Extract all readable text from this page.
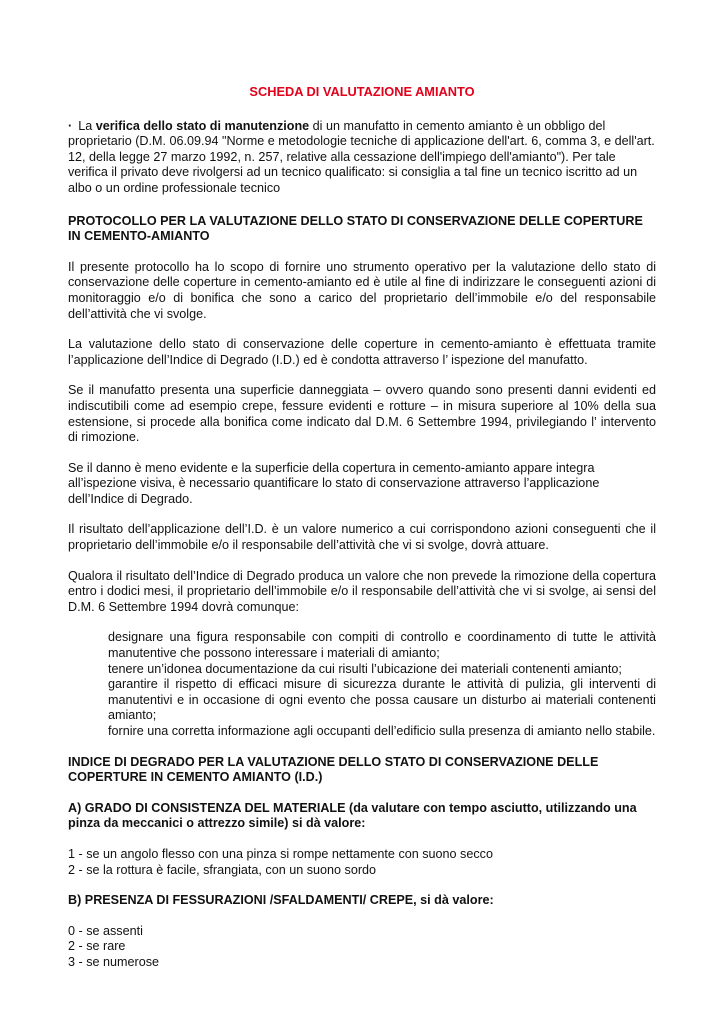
SCHEDA DI VALUTAZIONE AMIANTO
· La verifica dello stato di manutenzione di un manufatto in cemento amianto è un obbligo del proprietario (D.M. 06.09.94 "Norme e metodologie tecniche di applicazione dell'art. 6, comma 3, e dell'art. 12, della legge 27 marzo 1992, n. 257, relative alla cessazione dell'impiego dell'amianto"). Per tale verifica il privato deve rivolgersi ad un tecnico qualificato: si consiglia a tal fine un tecnico iscritto ad un albo o un ordine professionale tecnico
PROTOCOLLO PER LA VALUTAZIONE DELLO STATO DI CONSERVAZIONE DELLE COPERTURE IN CEMENTO-AMIANTO

Il presente protocollo ha lo scopo di fornire uno strumento operativo per la valutazione dello stato di conservazione delle coperture in cemento-amianto ed è utile al fine di indirizzare le conseguenti azioni di monitoraggio e/o di bonifica che sono a carico del proprietario dell’immobile e/o del responsabile dell’attività che vi svolge.

La valutazione dello stato di conservazione delle coperture in cemento-amianto è effettuata tramite l’applicazione dell’Indice di Degrado (I.D.) ed è condotta attraverso l’ ispezione del manufatto.

Se il manufatto presenta una superficie danneggiata – ovvero quando sono presenti danni evidenti ed indiscutibili come ad esempio crepe, fessure evidenti e rotture – in misura superiore al 10% della sua estensione, si procede alla bonifica come indicato dal D.M. 6 Settembre 1994, privilegiando l’ intervento di rimozione.

Se il danno è meno evidente e la superficie della copertura in cemento-amianto appare integra all’ispezione visiva, è necessario quantificare lo stato di conservazione attraverso l’applicazione dell’Indice di Degrado.

Il risultato dell’applicazione dell’I.D. è un valore numerico a cui corrispondono azioni conseguenti che il proprietario dell’immobile e/o il responsabile dell’attività che vi si svolge, dovrà attuare.

Qualora il risultato dell’Indice di Degrado produca un valore che non prevede la rimozione della copertura entro i dodici mesi, il proprietario dell’immobile e/o il responsabile dell’attività che vi si svolge, ai sensi del D.M. 6 Settembre 1994 dovrà comunque:

designare una figura responsabile con compiti di controllo e coordinamento di tutte le attività manutentive che possono interessare i materiali di amianto;
tenere un’idonea documentazione da cui risulti l’ubicazione dei materiali contenenti amianto;
garantire il rispetto di efficaci misure di sicurezza durante le attività di pulizia, gli interventi di manutentivi e in occasione di ogni evento che possa causare un disturbo ai materiali contenenti amianto;
fornire una corretta informazione agli occupanti dell’edificio sulla presenza di amianto nello stabile.
INDICE DI DEGRADO PER LA VALUTAZIONE DELLO STATO DI CONSERVAZIONE DELLE COPERTURE IN CEMENTO AMIANTO (I.D.)
A) GRADO DI CONSISTENZA DEL MATERIALE (da valutare con tempo asciutto, utilizzando una pinza da meccanici o attrezzo simile) si dà valore:
1 - se un angolo flesso con una pinza si rompe nettamente con suono secco
2 - se la rottura è facile, sfrangiata, con un suono sordo
B) PRESENZA DI FESSURAZIONI /SFALDAMENTI/ CREPE, si dà valore:
0 - se assenti
2 - se rare
3 - se numerose
